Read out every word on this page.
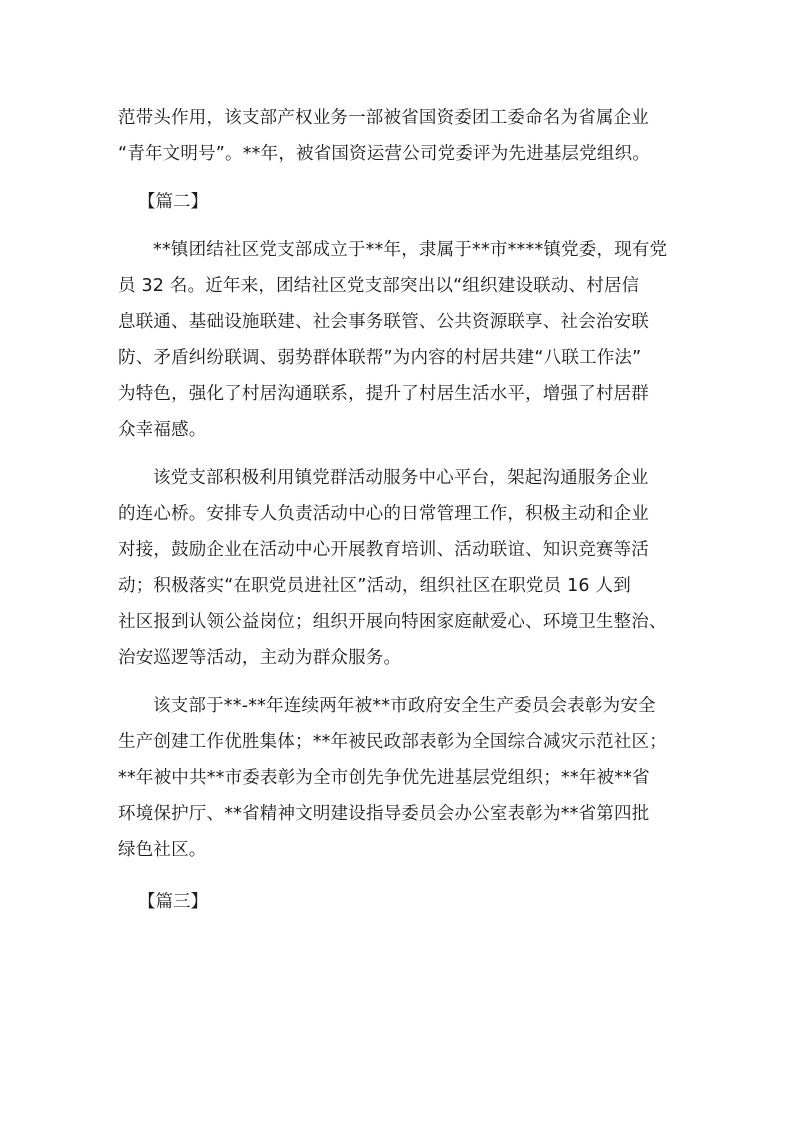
范带头作用，该支部产权业务一部被省国资委团工委命名为省属企业
“青年文明号”。**年，被省国资运营公司党委评为先进基层党组织。
【篇二】
**镇团结社区党支部成立于**年，隶属于**市****镇党委，现有党
员 32 名。近年来，团结社区党支部突出以“组织建设联动、村居信
息联通、基础设施联建、社会事务联管、公共资源联享、社会治安联
防、矛盾纠纷联调、弱势群体联帮”为内容的村居共建“八联工作法”
为特色，强化了村居沟通联系，提升了村居生活水平，增强了村居群
众幸福感。
该党支部积极利用镇党群活动服务中心平台，架起沟通服务企业
的连心桥。安排专人负责活动中心的日常管理工作，积极主动和企业
对接，鼓励企业在活动中心开展教育培训、活动联谊、知识竞赛等活
动；积极落实“在职党员进社区”活动，组织社区在职党员 16 人到
社区报到认领公益岗位；组织开展向特困家庭献爱心、环境卫生整治、
治安巡逻等活动，主动为群众服务。
该支部于**-**年连续两年被**市政府安全生产委员会表彰为安全
生产创建工作优胜集体；**年被民政部表彰为全国综合减灾示范社区；
**年被中共**市委表彰为全市创先争优先进基层党组织；**年被**省
环境保护厅、**省精神文明建设指导委员会办公室表彰为**省第四批
绿色社区。
【篇三】
